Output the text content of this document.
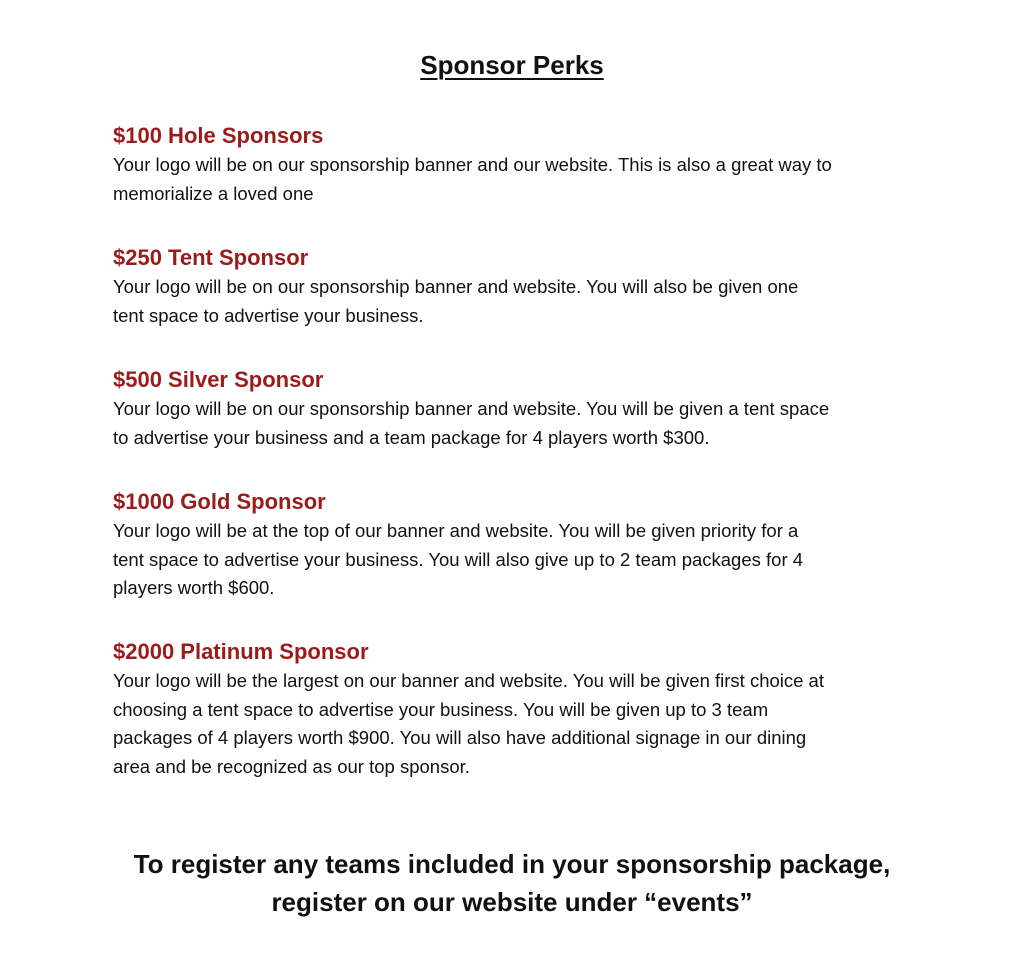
Sponsor Perks
$100 Hole Sponsors

Your logo will be on our sponsorship banner and our website. This is also a great way to
memorialize a loved one

$250 Tent Sponsor

Your logo will be on our sponsorship banner and website. You will also be given one
tent space to advertise your business.

$500 Silver Sponsor

Your logo will be on our sponsorship banner and website. You will be given a tent space
to advertise your business and a team package for 4 players worth $300.

$1000 Gold Sponsor

Your logo will be at the top of our banner and website. You will be given priority for a
tent space to advertise your business. You will also give up to 2 team packages for 4
players worth $600.

$2000 Platinum Sponsor

Your logo will be the largest on our banner and website. You will be given first choice at
choosing a tent space to advertise your business. You will be given up to 3 team
packages of 4 players worth $900. You will also have additional signage in our dining
area and be recognized as our top sponsor.

To register any teams included in your sponsorship package,
register on our website under “events”
